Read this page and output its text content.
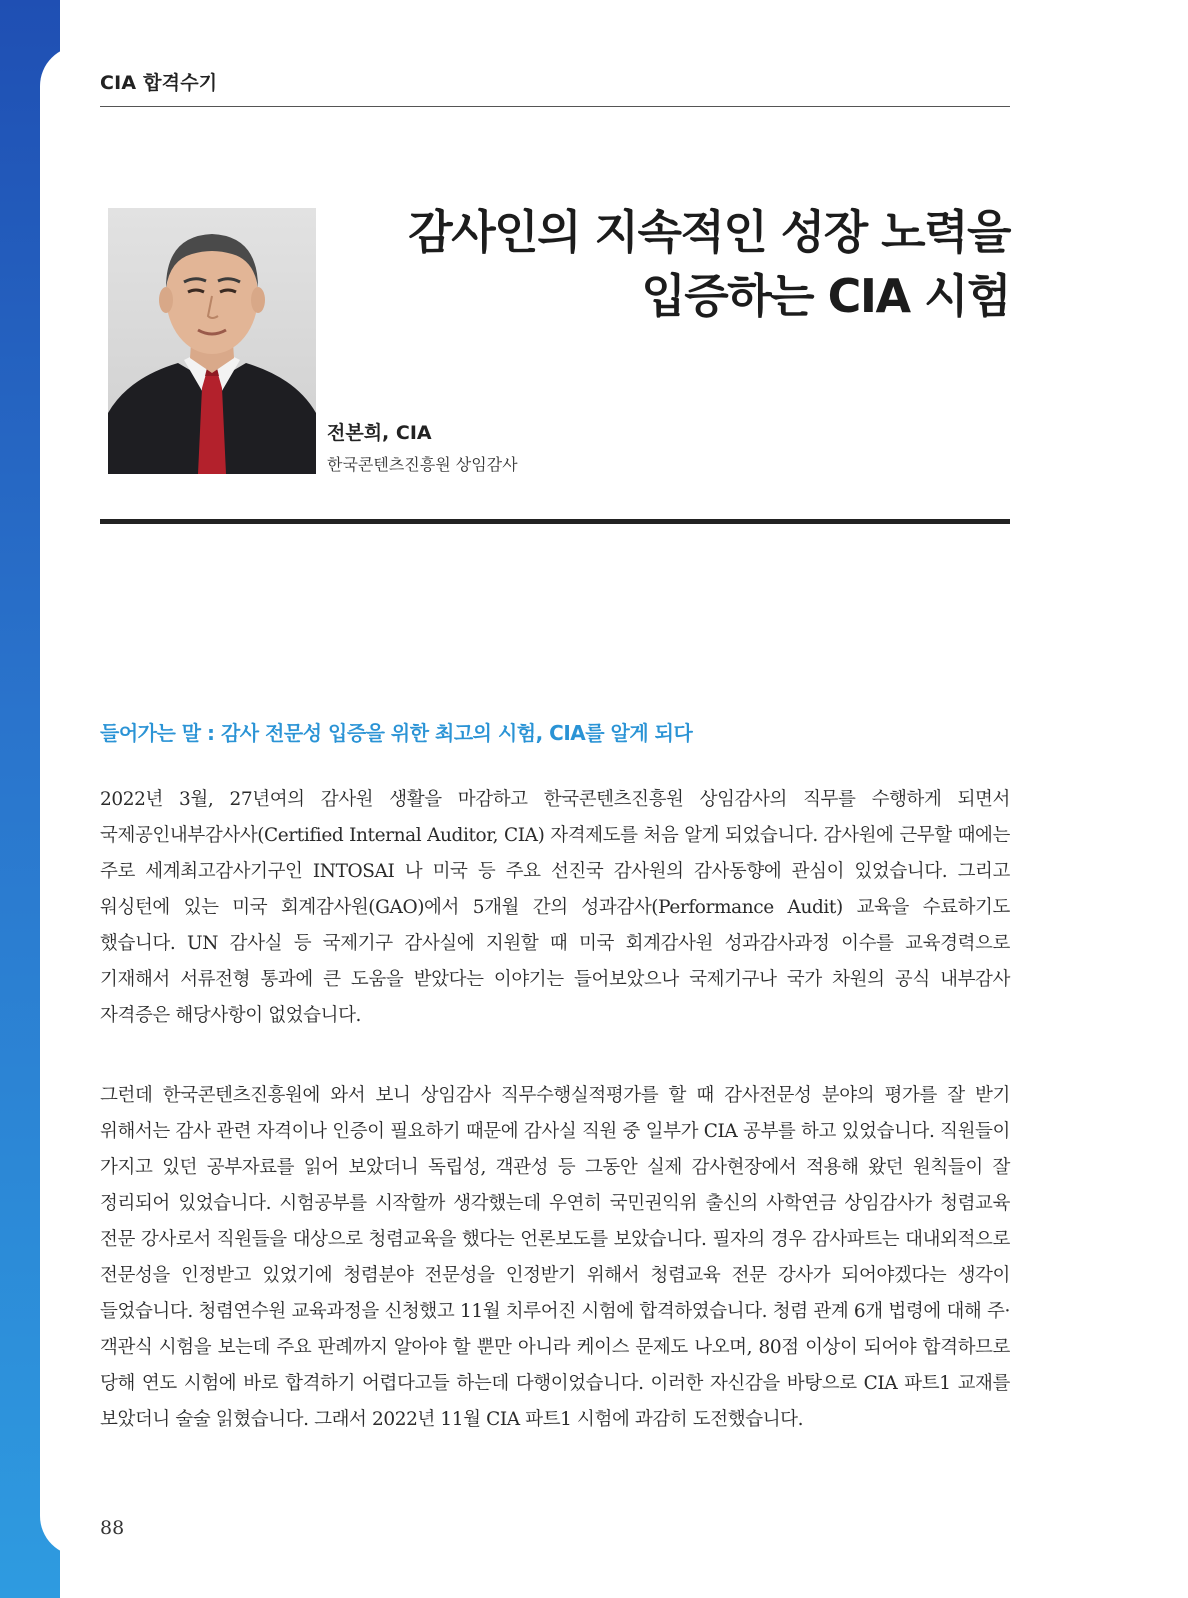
CIA 합격수기
감사인의 지속적인 성장 노력을
입증하는 CIA 시험
전본희, CIA
한국콘텐츠진흥원 상임감사
들어가는 말 : 감사 전문성 입증을 위한 최고의 시험, CIA를 알게 되다

2022년 3월, 27년여의 감사원 생활을 마감하고 한국콘텐츠진흥원 상임감사의 직무를 수행하게 되면서 국제공인내부감사사(Certified Internal Auditor, CIA) 자격제도를 처음 알게 되었습니다. 감사원에 근무할 때에는 주로 세계최고감사기구인 INTOSAI 나 미국 등 주요 선진국 감사원의 감사동향에 관심이 있었습니다. 그리고 워싱턴에 있는 미국 회계감사원(GAO)에서 5개월 간의 성과감사(Performance Audit) 교육을 수료하기도 했습니다. UN 감사실 등 국제기구 감사실에 지원할 때 미국 회계감사원 성과감사과정 이수를 교육경력으로 기재해서 서류전형 통과에 큰 도움을 받았다는 이야기는 들어보았으나 국제기구나 국가 차원의 공식 내부감사 자격증은 해당사항이 없었습니다.

그런데 한국콘텐츠진흥원에 와서 보니 상임감사 직무수행실적평가를 할 때 감사전문성 분야의 평가를 잘 받기 위해서는 감사 관련 자격이나 인증이 필요하기 때문에 감사실 직원 중 일부가 CIA 공부를 하고 있었습니다. 직원들이 가지고 있던 공부자료를 읽어 보았더니 독립성, 객관성 등 그동안 실제 감사현장에서 적용해 왔던 원칙들이 잘 정리되어 있었습니다. 시험공부를 시작할까 생각했는데 우연히 국민권익위 출신의 사학연금 상임감사가 청렴교육 전문 강사로서 직원들을 대상으로 청렴교육을 했다는 언론보도를 보았습니다. 필자의 경우 감사파트는 대내외적으로 전문성을 인정받고 있었기에 청렴분야 전문성을 인정받기 위해서 청렴교육 전문 강사가 되어야겠다는 생각이 들었습니다. 청렴연수원 교육과정을 신청했고 11월 치루어진 시험에 합격하였습니다. 청렴 관계 6개 법령에 대해 주·객관식 시험을 보는데 주요 판례까지 알아야 할 뿐만 아니라 케이스 문제도 나오며, 80점 이상이 되어야 합격하므로 당해 연도 시험에 바로 합격하기 어렵다고들 하는데 다행이었습니다. 이러한 자신감을 바탕으로 CIA 파트1 교재를 보았더니 술술 읽혔습니다. 그래서 2022년 11월 CIA 파트1 시험에 과감히 도전했습니다.

88
